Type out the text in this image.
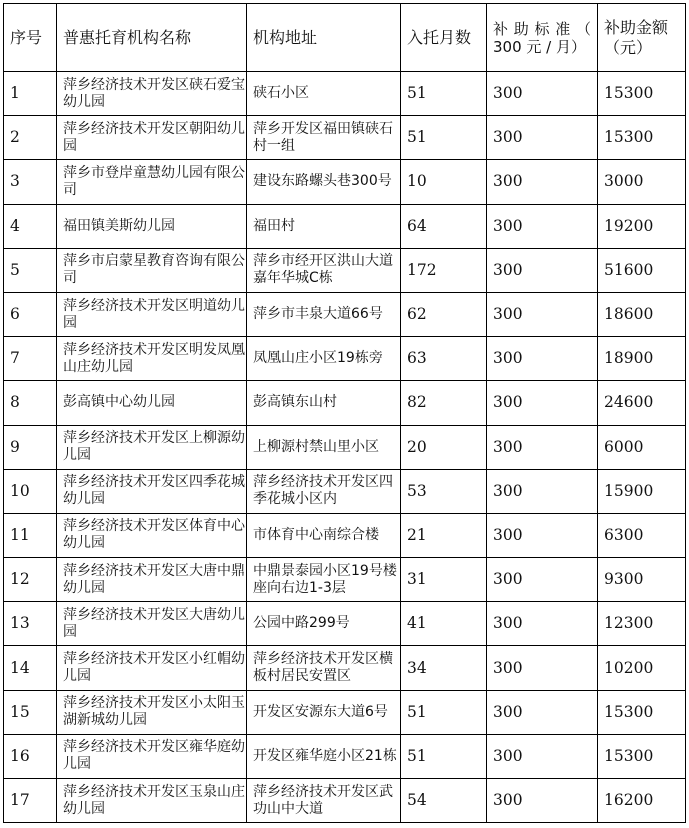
序号	普惠托育机构名称	机构地址	入托月数	补助标准（ 300 元 / 月）	补助金额（元）
1	萍乡经济技术开发区硖石爱宝幼儿园	硖石小区	51	300	15300
2	萍乡经济技术开发区朝阳幼儿园	萍乡开发区福田镇硖石村一组	51	300	15300
3	萍乡市登岸童慧幼儿园有限公司	建设东路螺头巷300号	10	300	3000
4	福田镇美斯幼儿园	福田村	64	300	19200
5	萍乡市启蒙星教育咨询有限公司	萍乡市经开区洪山大道嘉年华城C栋	172	300	51600
6	萍乡经济技术开发区明道幼儿园	萍乡市丰泉大道66号	62	300	18600
7	萍乡经济技术开发区明发凤凰山庄幼儿园	凤凰山庄小区19栋旁	63	300	18900
8	彭高镇中心幼儿园	彭高镇东山村	82	300	24600
9	萍乡经济技术开发区上柳源幼儿园	上柳源村禁山里小区	20	300	6000
10	萍乡经济技术开发区四季花城幼儿园	萍乡经济技术开发区四季花城小区内	53	300	15900
11	萍乡经济技术开发区体育中心幼儿园	市体育中心南综合楼	21	300	6300
12	萍乡经济技术开发区大唐中鼎幼儿园	中鼎景泰园小区19号楼座向右边1-3层	31	300	9300
13	萍乡经济技术开发区大唐幼儿园	公园中路299号	41	300	12300
14	萍乡经济技术开发区小红帽幼儿园	萍乡经济技术开发区横板村居民安置区	34	300	10200
15	萍乡经济技术开发区小太阳玉湖新城幼儿园	开发区安源东大道6号	51	300	15300
16	萍乡经济技术开发区雍华庭幼儿园	开发区雍华庭小区21栋	51	300	15300
17	萍乡经济技术开发区玉泉山庄幼儿园	萍乡经济技术开发区武功山中大道	54	300	16200
